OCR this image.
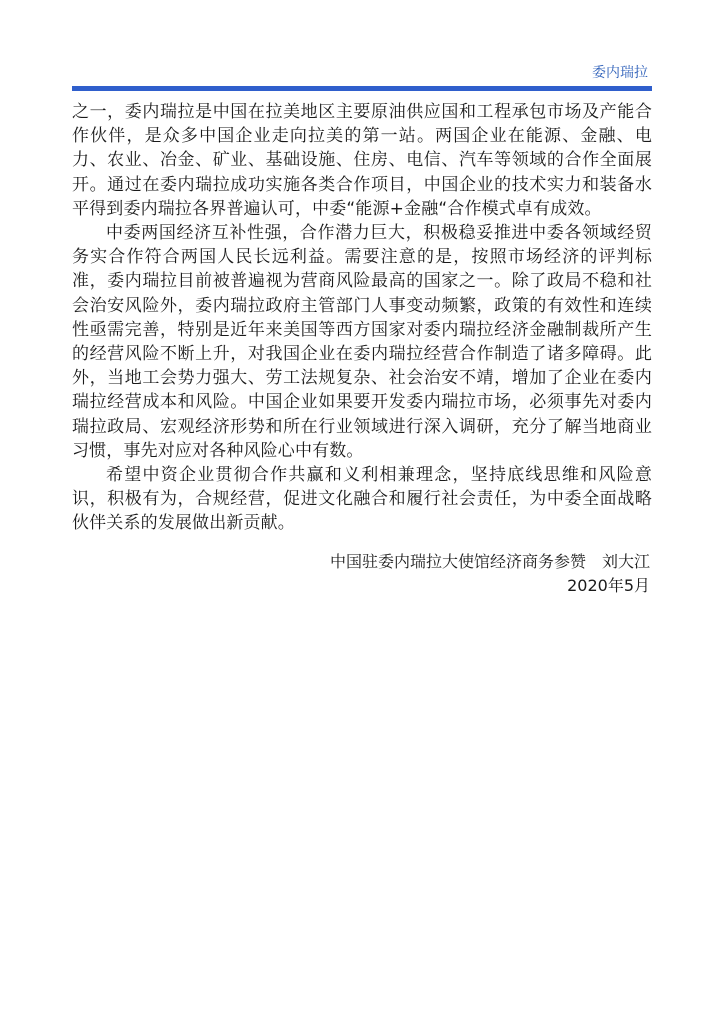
委内瑞拉

之一，委内瑞拉是中国在拉美地区主要原油供应国和工程承包市场及产能合作伙伴，是众多中国企业走向拉美的第一站。两国企业在能源、金融、电力、农业、冶金、矿业、基础设施、住房、电信、汽车等领域的合作全面展开。通过在委内瑞拉成功实施各类合作项目，中国企业的技术实力和装备水平得到委内瑞拉各界普遍认可，中委“能源+金融“合作模式卓有成效。

中委两国经济互补性强，合作潜力巨大，积极稳妥推进中委各领域经贸务实合作符合两国人民长远利益。需要注意的是，按照市场经济的评判标准，委内瑞拉目前被普遍视为营商风险最高的国家之一。除了政局不稳和社会治安风险外，委内瑞拉政府主管部门人事变动频繁，政策的有效性和连续性亟需完善，特别是近年来美国等西方国家对委内瑞拉经济金融制裁所产生的经营风险不断上升，对我国企业在委内瑞拉经营合作制造了诸多障碍。此外，当地工会势力强大、劳工法规复杂、社会治安不靖，增加了企业在委内瑞拉经营成本和风险。中国企业如果要开发委内瑞拉市场，必须事先对委内瑞拉政局、宏观经济形势和所在行业领域进行深入调研，充分了解当地商业习惯，事先对应对各种风险心中有数。

希望中资企业贯彻合作共赢和义利相兼理念，坚持底线思维和风险意识，积极有为，合规经营，促进文化融合和履行社会责任，为中委全面战略伙伴关系的发展做出新贡献。

中国驻委内瑞拉大使馆经济商务参赞　刘大江
2020年5月
